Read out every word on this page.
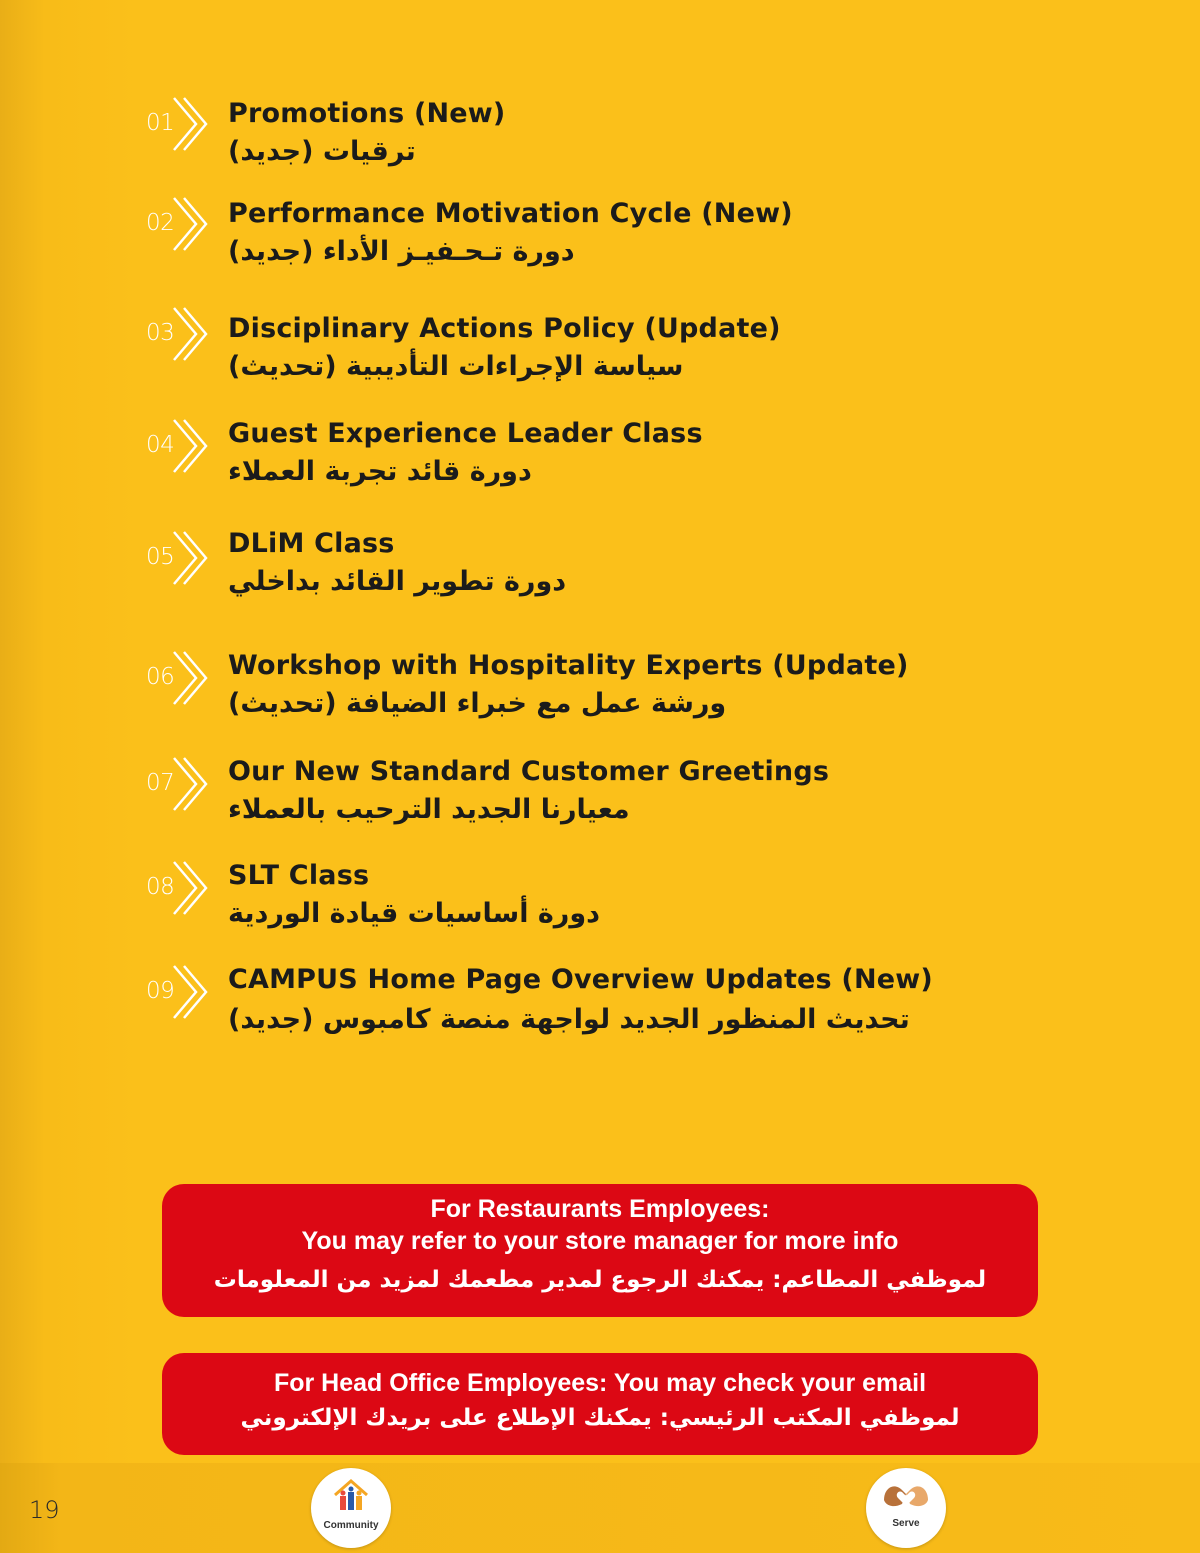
01 Promotions (New)
ترقيات (جديد)
02 Performance Motivation Cycle (New)
دورة تـحـفيـز الأداء (جديد)
03 Disciplinary Actions Policy (Update)
سياسة الإجراءات التأديبية (تحديث)
04 Guest Experience Leader Class
دورة قائد تجربة العملاء
05 DLiM Class
دورة تطوير القائد بداخلي
06 Workshop with Hospitality Experts (Update)
ورشة عمل مع خبراء الضيافة (تحديث)
07 Our New Standard Customer Greetings
معيارنا الجديد الترحيب بالعملاء
08 SLT Class
دورة أساسيات قيادة الوردية
09 CAMPUS Home Page Overview Updates (New)
تحديث المنظور الجديد لواجهة منصة كامبوس (جديد)
For Restaurants Employees:
You may refer to your store manager for more info
لموظفي المطاعم: يمكنك الرجوع لمدير مطعمك لمزيد من المعلومات
For Head Office Employees: You may check your email
لموظفي المكتب الرئيسي: يمكنك الإطلاع على بريدك الإلكتروني
19
Community	Serve
